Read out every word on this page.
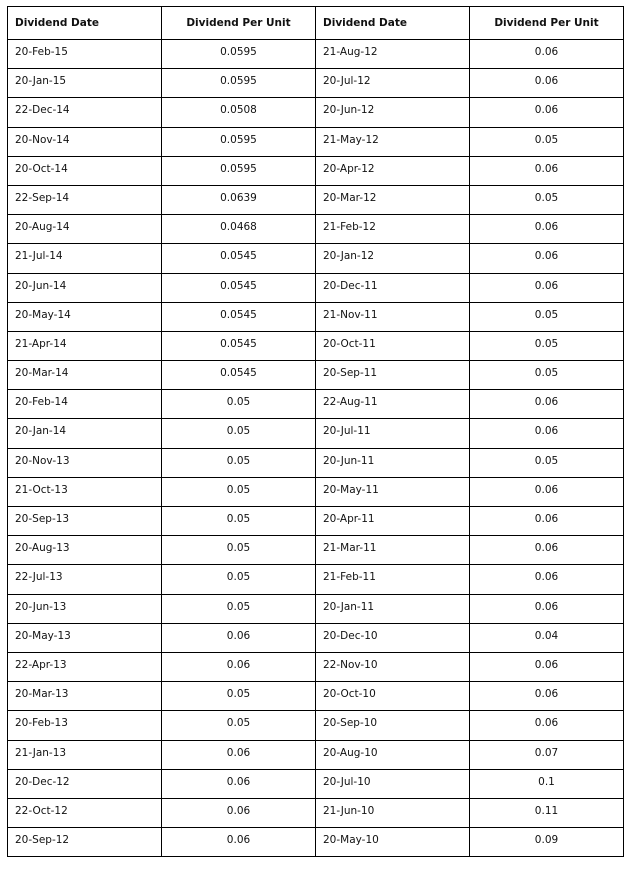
Dividend Date	Dividend Per Unit	Dividend Date	Dividend Per Unit
20-Feb-15	0.0595	21-Aug-12	0.06
20-Jan-15	0.0595	20-Jul-12	0.06
22-Dec-14	0.0508	20-Jun-12	0.06
20-Nov-14	0.0595	21-May-12	0.05
20-Oct-14	0.0595	20-Apr-12	0.06
22-Sep-14	0.0639	20-Mar-12	0.05
20-Aug-14	0.0468	21-Feb-12	0.06
21-Jul-14	0.0545	20-Jan-12	0.06
20-Jun-14	0.0545	20-Dec-11	0.06
20-May-14	0.0545	21-Nov-11	0.05
21-Apr-14	0.0545	20-Oct-11	0.05
20-Mar-14	0.0545	20-Sep-11	0.05
20-Feb-14	0.05	22-Aug-11	0.06
20-Jan-14	0.05	20-Jul-11	0.06
20-Nov-13	0.05	20-Jun-11	0.05
21-Oct-13	0.05	20-May-11	0.06
20-Sep-13	0.05	20-Apr-11	0.06
20-Aug-13	0.05	21-Mar-11	0.06
22-Jul-13	0.05	21-Feb-11	0.06
20-Jun-13	0.05	20-Jan-11	0.06
20-May-13	0.06	20-Dec-10	0.04
22-Apr-13	0.06	22-Nov-10	0.06
20-Mar-13	0.05	20-Oct-10	0.06
20-Feb-13	0.05	20-Sep-10	0.06
21-Jan-13	0.06	20-Aug-10	0.07
20-Dec-12	0.06	20-Jul-10	0.1
22-Oct-12	0.06	21-Jun-10	0.11
20-Sep-12	0.06	20-May-10	0.09
